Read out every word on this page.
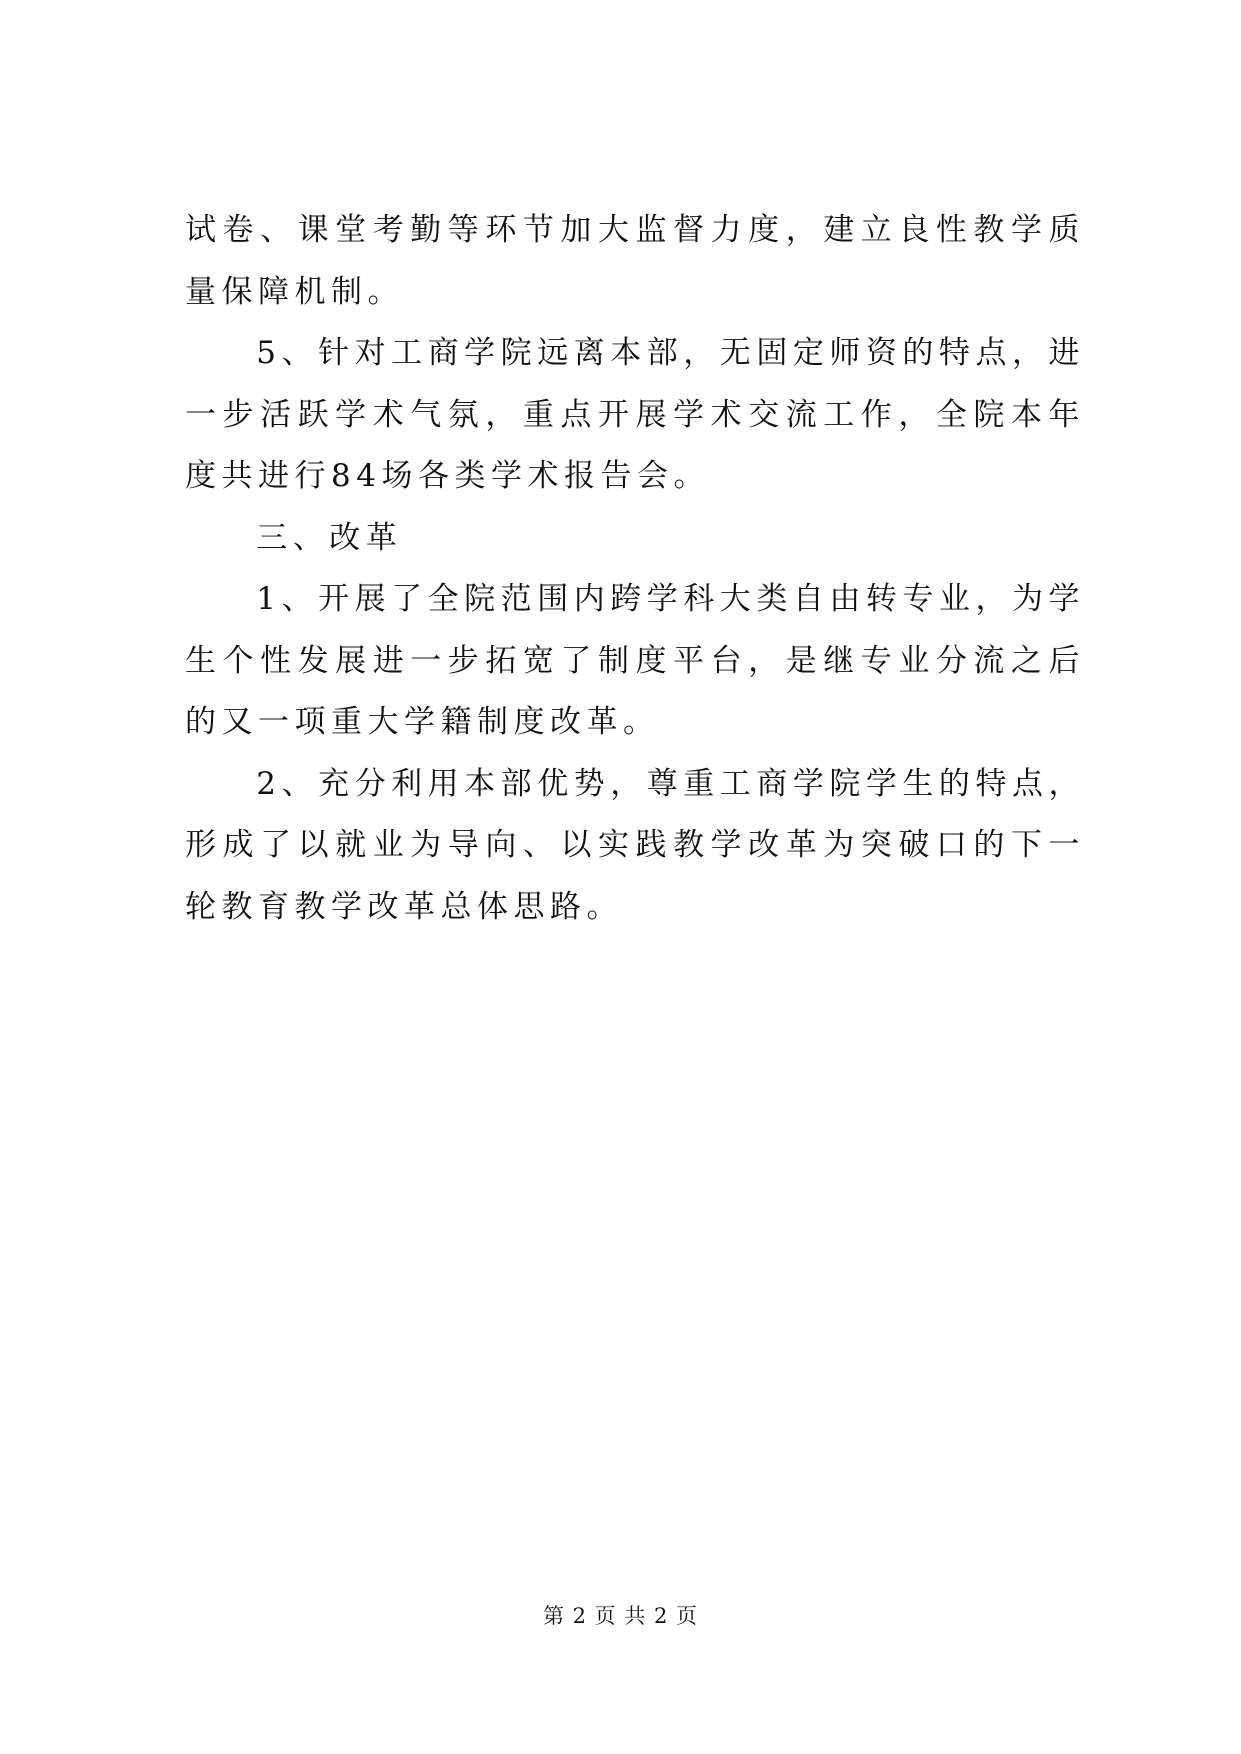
试卷、课堂考勤等环节加大监督力度，建立良性教学质量保障机制。

5、针对工商学院远离本部，无固定师资的特点，进一步活跃学术气氛，重点开展学术交流工作，全院本年度共进行84场各类学术报告会。

三、改革

1、开展了全院范围内跨学科大类自由转专业，为学生个性发展进一步拓宽了制度平台，是继专业分流之后的又一项重大学籍制度改革。

2、充分利用本部优势，尊重工商学院学生的特点，形成了以就业为导向、以实践教学改革为突破口的下一轮教育教学改革总体思路。

第 2 页 共 2 页
